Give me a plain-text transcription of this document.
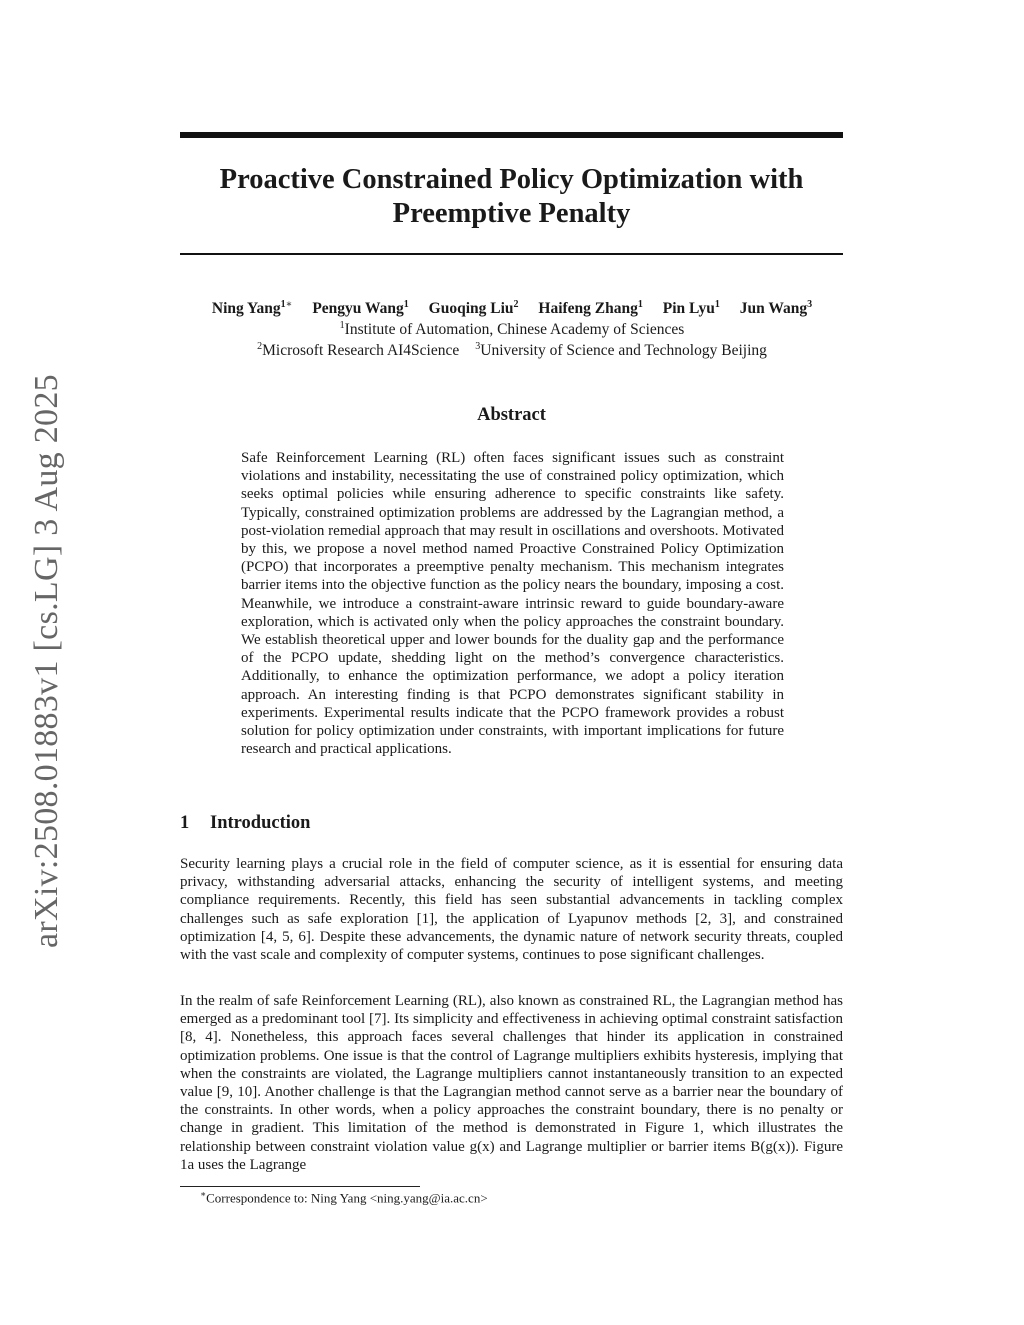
arXiv:2508.01883v1 [cs.LG] 3 Aug 2025
Proactive Constrained Policy Optimization with
Preemptive Penalty
Ning Yang$^{1∗}$ Pengyu Wang$^1$ Guoqing Liu$^2$ Haifeng Zhang$^1$ Pin Lyu$^1$ Jun Wang$^3$
$^1$Institute of Automation, Chinese Academy of Sciences
$^2$Microsoft Research AI4Science $^3$University of Science and Technology Beijing
Abstract

Safe Reinforcement Learning (RL) often faces significant issues such as constraint violations and instability, necessitating the use of constrained policy optimization, which seeks optimal policies while ensuring adherence to specific constraints like safety. Typically, constrained optimization problems are addressed by the Lagrangian method, a post-violation remedial approach that may result in oscillations and overshoots. Motivated by this, we propose a novel method named Proactive Constrained Policy Optimization (PCPO) that incorporates a preemptive penalty mechanism. This mechanism integrates barrier items into the objective function as the policy nears the boundary, imposing a cost. Meanwhile, we introduce a constraint-aware intrinsic reward to guide boundary-aware exploration, which is activated only when the policy approaches the constraint boundary. We establish theoretical upper and lower bounds for the duality gap and the performance of the PCPO update, shedding light on the method’s convergence characteristics. Additionally, to enhance the optimization performance, we adopt a policy iteration approach. An interesting finding is that PCPO demonstrates significant stability in experiments. Experimental results indicate that the PCPO framework provides a robust solution for policy optimization under constraints, with important implications for future research and practical applications.

1 Introduction

Security learning plays a crucial role in the field of computer science, as it is essential for ensuring data privacy, withstanding adversarial attacks, enhancing the security of intelligent systems, and meeting compliance requirements. Recently, this field has seen substantial advancements in tackling complex challenges such as safe exploration [1], the application of Lyapunov methods [2, 3], and constrained optimization [4, 5, 6]. Despite these advancements, the dynamic nature of network security threats, coupled with the vast scale and complexity of computer systems, continues to pose significant challenges.

In the realm of safe Reinforcement Learning (RL), also known as constrained RL, the Lagrangian method has emerged as a predominant tool [7]. Its simplicity and effectiveness in achieving optimal constraint satisfaction [8, 4]. Nonetheless, this approach faces several challenges that hinder its application in constrained optimization problems. One issue is that the control of Lagrange multipliers exhibits hysteresis, implying that when the constraints are violated, the Lagrange multipliers cannot instantaneously transition to an expected value [9, 10]. Another challenge is that the Lagrangian method cannot serve as a barrier near the boundary of the constraints. In other words, when a policy approaches the constraint boundary, there is no penalty or change in gradient. This limitation of the method is demonstrated in Figure 1, which illustrates the relationship between constraint violation value g(x) and Lagrange multiplier or barrier items B(g(x)). Figure 1a uses the Lagrange

∗Correspondence to: Ning Yang <ning.yang@ia.ac.cn>
